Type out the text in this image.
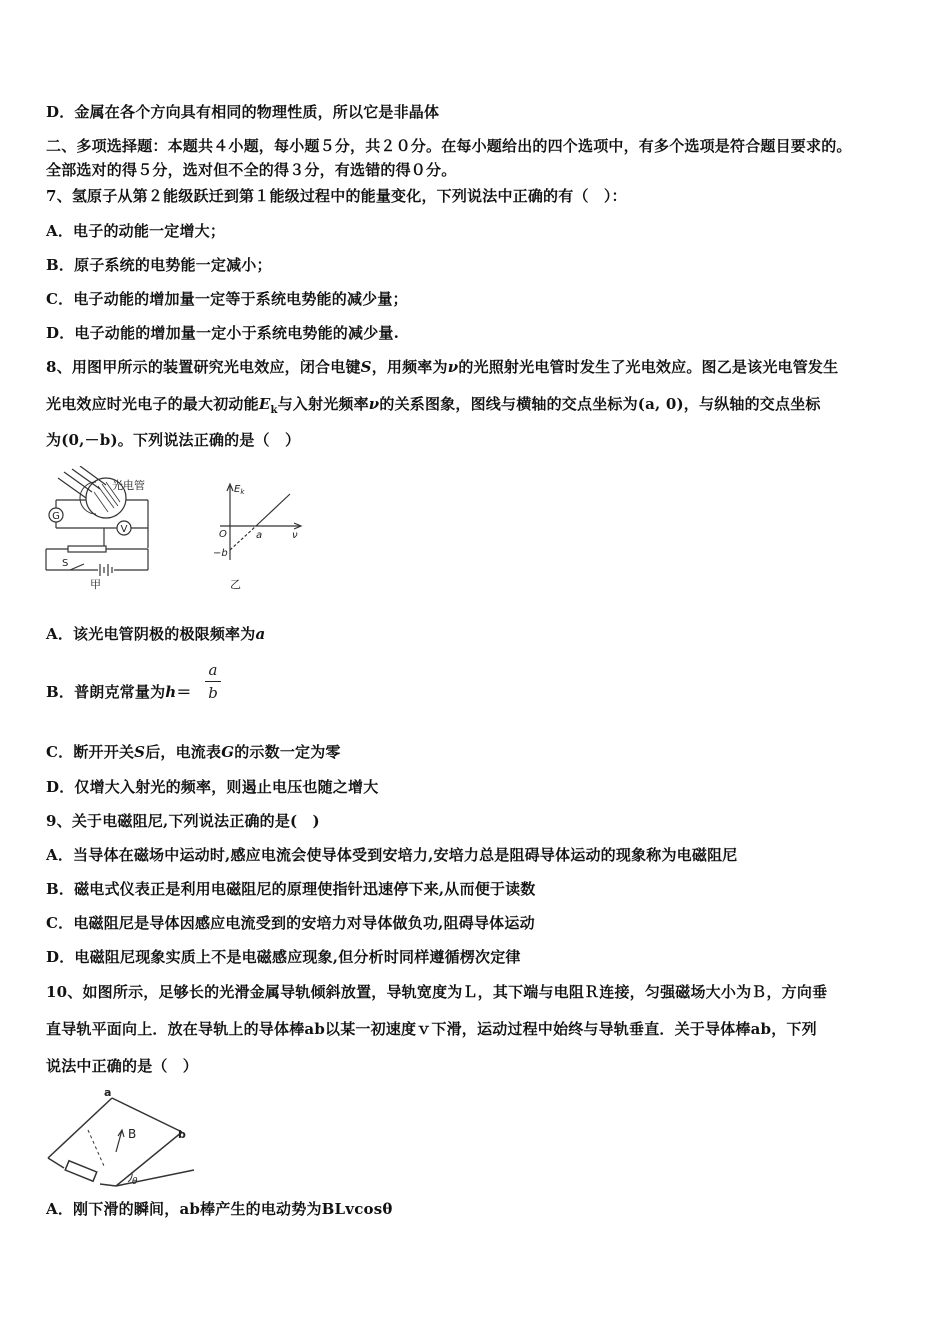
D．金属在各个方向具有相同的物理性质，所以它是非晶体
二、多项选择题：本题共４小题，每小题５分，共２０分。在每小题给出的四个选项中，有多个选项是符合题目要求的。
全部选对的得５分，选对但不全的得３分，有选错的得０分。
7、氢原子从第２能级跃迁到第１能级过程中的能量变化，下列说法中正确的有（　）：
A．电子的动能一定增大；
B．原子系统的电势能一定减小；
C．电子动能的增加量一定等于系统电势能的减少量；
D．电子动能的增加量一定小于系统电势能的减少量.
8、用图甲所示的装置研究光电效应，闭合电键S，用频率为ν的光照射光电管时发生了光电效应。图乙是该光电管发生
光电效应时光电子的最大初动能$E_k$与入射光频率ν的关系图象，图线与横轴的交点坐标为(a, 0)，与纵轴的交点坐标
为(0,－b)。下列说法正确的是（　）
G
V
光电管
S
甲
$E_k$
O	ν
a
−b
乙
A．该光电管阴极的极限频率为a
B．普朗克常量为h＝
a
b
C．断开开关S后，电流表G的示数一定为零
D．仅增大入射光的频率，则遏止电压也随之增大
9、关于电磁阻尼,下列说法正确的是(　)
A．当导体在磁场中运动时,感应电流会使导体受到安培力,安培力总是阻碍导体运动的现象称为电磁阻尼
B．磁电式仪表正是利用电磁阻尼的原理使指针迅速停下来,从而便于读数
C．电磁阻尼是导体因感应电流受到的安培力对导体做负功,阻碍导体运动
D．电磁阻尼现象实质上不是电磁感应现象,但分析时同样遵循楞次定律
10、如图所示，足够长的光滑金属导轨倾斜放置，导轨宽度为Ｌ，其下端与电阻Ｒ连接，匀强磁场大小为Ｂ，方向垂
直导轨平面向上．放在导轨上的导体棒ab以某一初速度ｖ下滑，运动过程中始终与导轨垂直．关于导体棒ab，下列
说法中正确的是（　）
a
b
B
θ
A．刚下滑的瞬间，ab棒产生的电动势为BLvcosθ
